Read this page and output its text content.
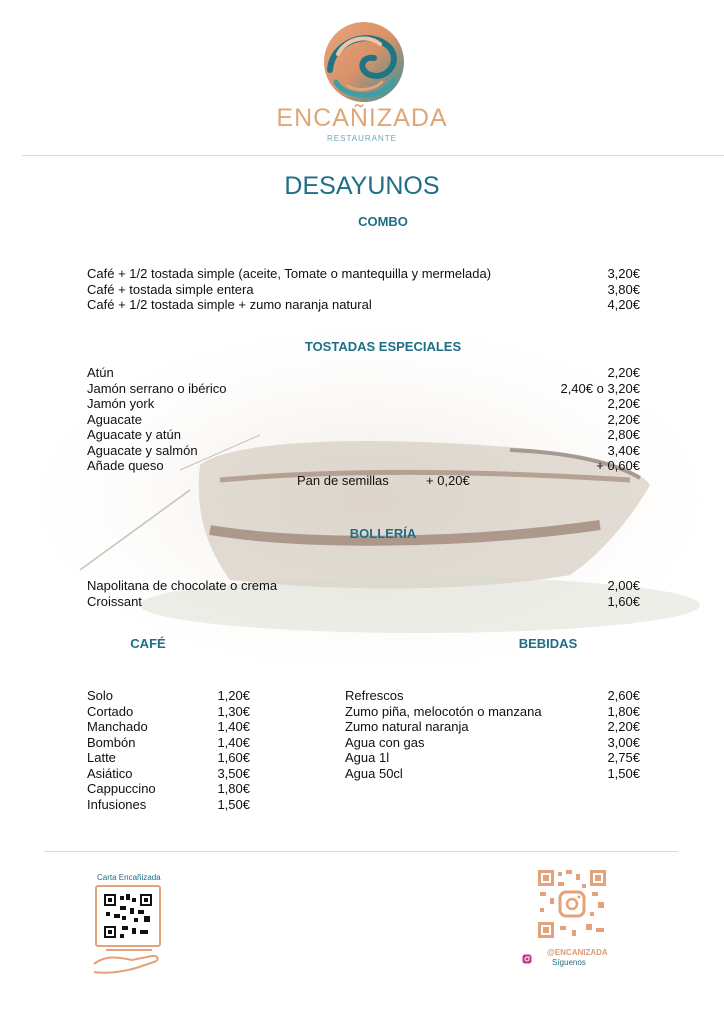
ENCAÑIZADA
RESTAURANTE
DESAYUNOS
COMBO
Café + 1/2 tostada simple (aceite, Tomate o mantequilla y mermelada)	3,20€
Café + tostada simple entera	3,80€
Café + 1/2 tostada simple + zumo naranja natural	4,20€
TOSTADAS ESPECIALES
Atún	2,20€
Jamón serrano o ibérico	2,40€ o 3,20€
Jamón york	2,20€
Aguacate	2,20€
Aguacate y atún	2,80€
Aguacate y salmón	3,40€
Añade queso	+ 0,60€
Pan de semillas	+ 0,20€
BOLLERÍA
Napolitana de chocolate o crema	2,00€
Croissant	1,60€
CAFÉ
Solo	1,20€
Cortado	1,30€
Manchado	1,40€
Bombón	1,40€
Latte	1,60€
Asiático	3,50€
Cappuccino	1,80€
Infusiones	1,50€
BEBIDAS
Refrescos	2,60€
Zumo piña, melocotón o manzana	1,80€
Zumo natural naranja	2,20€
Agua con gas	3,00€
Agua 1l	2,75€
Agua 50cl	1,50€
Carta Encañizada
@ENCANIZADA
Síguenos
